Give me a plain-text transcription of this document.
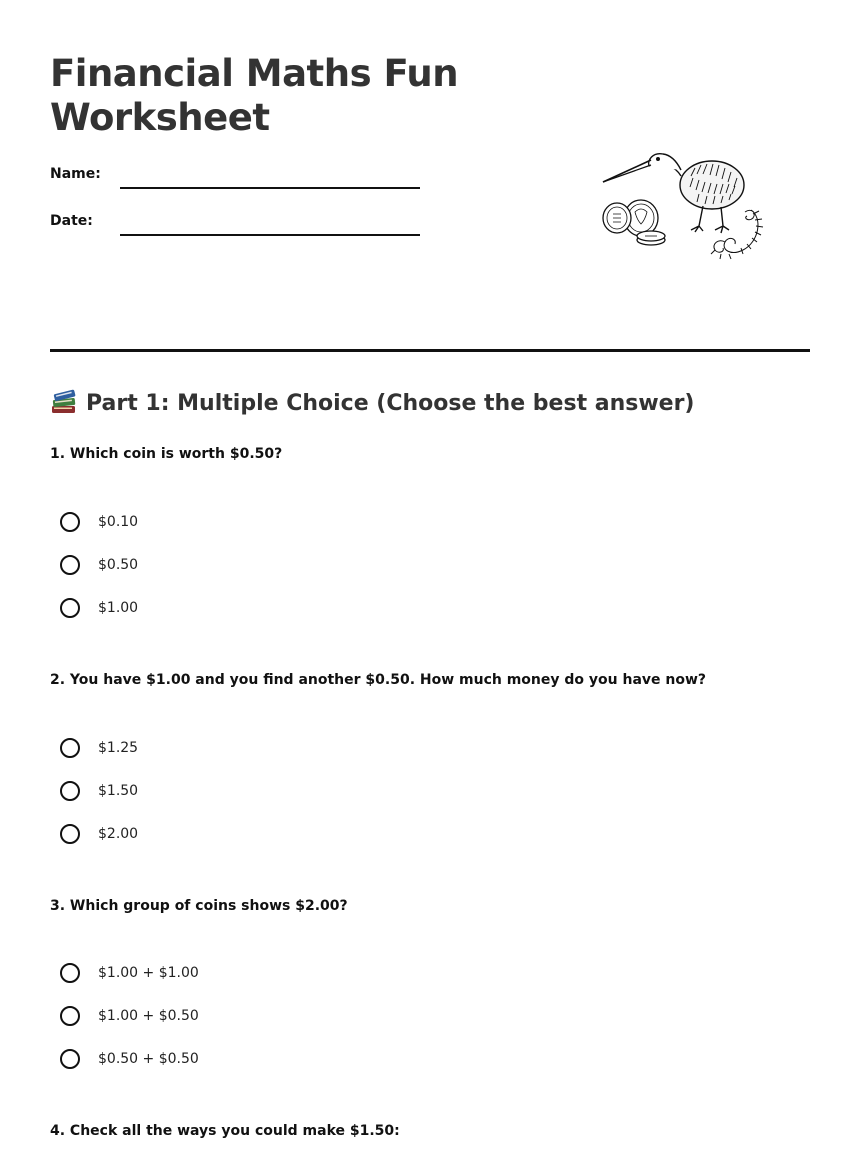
Financial Maths Fun
Worksheet
Name:
Date:
Part 1: Multiple Choice (Choose the best answer)

1. Which coin is worth $0.50?

$0.10
$0.50
$1.00

2. You have $1.00 and you find another $0.50. How much money do you have now?

$1.25
$1.50
$2.00

3. Which group of coins shows $2.00?

$1.00 + $1.00
$1.00 + $0.50
$0.50 + $0.50

4. Check all the ways you could make $1.50:
